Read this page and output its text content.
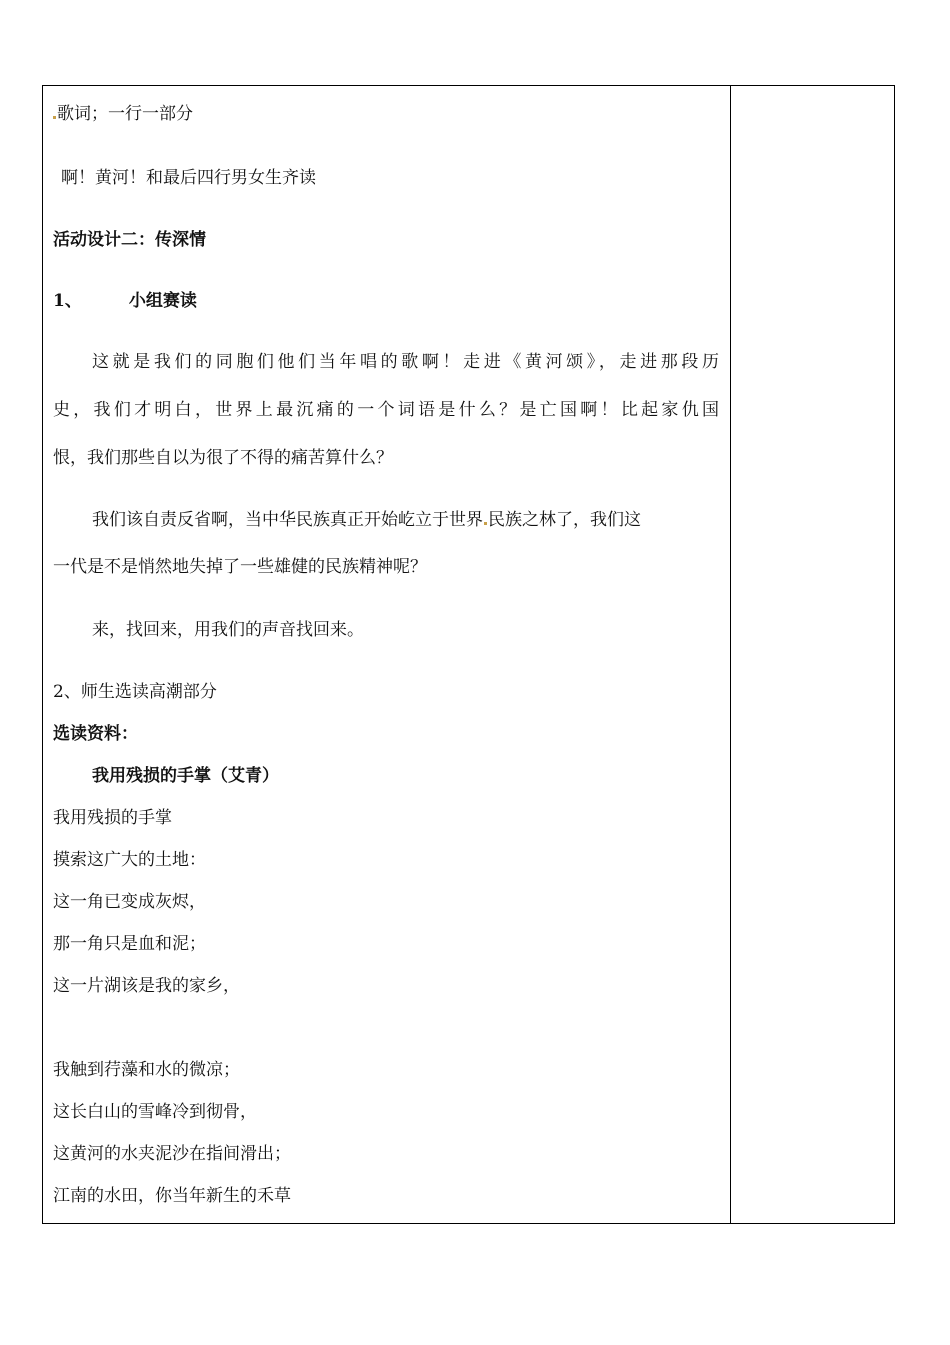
歌词；一行一部分
啊！黄河！和最后四行男女生齐读
活动设计二：传深情
1、	小组赛读
这就是我们的同胞们他们当年唱的歌啊！走进《黄河颂》，走进那段历
史，我们才明白，世界上最沉痛的一个词语是什么？是亡国啊！比起家仇国
恨，我们那些自以为很了不得的痛苦算什么？
我们该自责反省啊，当中华民族真正开始屹立于世界 民族之林了，我们这
一代是不是悄然地失掉了一些雄健的民族精神呢？
来，找回来，用我们的声音找回来。
2、师生选读高潮部分
选读资料：
我用残损的手掌（艾青）
我用残损的手掌
摸索这广大的土地：
这一角已变成灰烬，
那一角只是血和泥；
这一片湖该是我的家乡，
我触到荇藻和水的微凉；
这长白山的雪峰冷到彻骨，
这黄河的水夹泥沙在指间滑出；
江南的水田，你当年新生的禾草
